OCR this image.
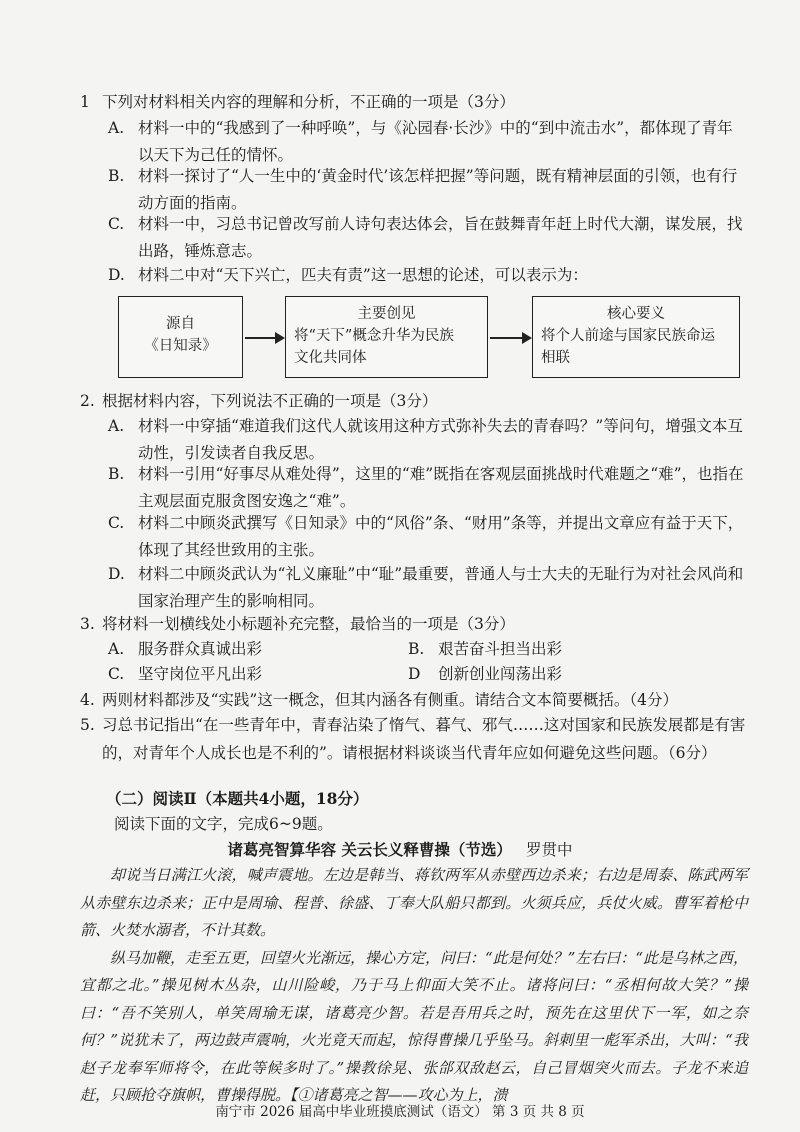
1 下列对材料相关内容的理解和分析，不正确的一项是（3分）
A. 材料一中的“我感到了一种呼唤”，与《沁园春·长沙》中的“到中流击水”，都体现了青年以天下为己任的情怀。
B. 材料一探讨了“人一生中的‘黄金时代’该怎样把握”等问题，既有精神层面的引领，也有行动方面的指南。
C. 材料一中，习总书记曾改写前人诗句表达体会，旨在鼓舞青年赶上时代大潮，谋发展，找出路，锤炼意志。
D. 材料二中对“天下兴亡，匹夫有责”这一思想的论述，可以表示为：
源自
《日知录》
主要创见
将“天下”概念升华为民族
文化共同体
核心要义
将个人前途与国家民族命运
相联
2. 根据材料内容，下列说法不正确的一项是（3分）
A. 材料一中穿插“难道我们这代人就该用这种方式弥补失去的青春吗？”等问句，增强文本互动性，引发读者自我反思。
B. 材料一引用“好事尽从难处得”，这里的“难”既指在客观层面挑战时代难题之“难”，也指在主观层面克服贪图安逸之“难”。
C. 材料二中顾炎武撰写《日知录》中的“风俗”条、“财用”条等，并提出文章应有益于天下，体现了其经世致用的主张。
D. 材料二中顾炎武认为“礼义廉耻”中“耻”最重要，普通人与士大夫的无耻行为对社会风尚和国家治理产生的影响相同。
3. 将材料一划横线处小标题补充完整，最恰当的一项是（3分）
A. 服务群众真诚出彩	B. 艰苦奋斗担当出彩
C. 坚守岗位平凡出彩	D 创新创业闯荡出彩
4. 两则材料都涉及“实践”这一概念，但其内涵各有侧重。请结合文本简要概括。（4分）
5. 习总书记指出“在一些青年中，青春沾染了惰气、暮气、邪气……这对国家和民族发展都是有害的，对青年个人成长也是不利的”。请根据材料谈谈当代青年应如何避免这些问题。（6分）
（二）阅读Ⅱ（本题共4小题，18分）
阅读下面的文字，完成6~9题。
诸葛亮智算华容 关云长义释曹操（节选） 罗贯中

却说当日满江火滚，喊声震地。左边是韩当、蒋钦两军从赤壁西边杀来；右边是周泰、陈武两军从赤壁东边杀来；正中是周瑜、程普、徐盛、丁奉大队船只都到。火须兵应，兵仗火威。曹军着枪中箭、火焚水溺者，不计其数。

纵马加鞭，走至五更，回望火光渐远，操心方定，问曰：“此是何处？”左右曰：“此是乌林之西，宜都之北。”操见树木丛杂，山川险峻，乃于马上仰面大笑不止。诸将问曰：“丞相何故大笑？”操曰：“吾不笑别人，单笑周瑜无谋，诸葛亮少智。若是吾用兵之时，预先在这里伏下一军，如之奈何？”说犹未了，两边鼓声震响，火光竟天而起，惊得曹操几乎坠马。斜刺里一彪军杀出，大叫：“我赵子龙奉军师将令，在此等候多时了。”操教徐晃、张郃双敌赵云，自己冒烟突火而去。子龙不来追赶，只顾抢夺旗帜，曹操得脱。【①诸葛亮之智——攻心为上，溃

南宁市 2026 届高中毕业班摸底测试（语文） 第 3 页 共 8 页
